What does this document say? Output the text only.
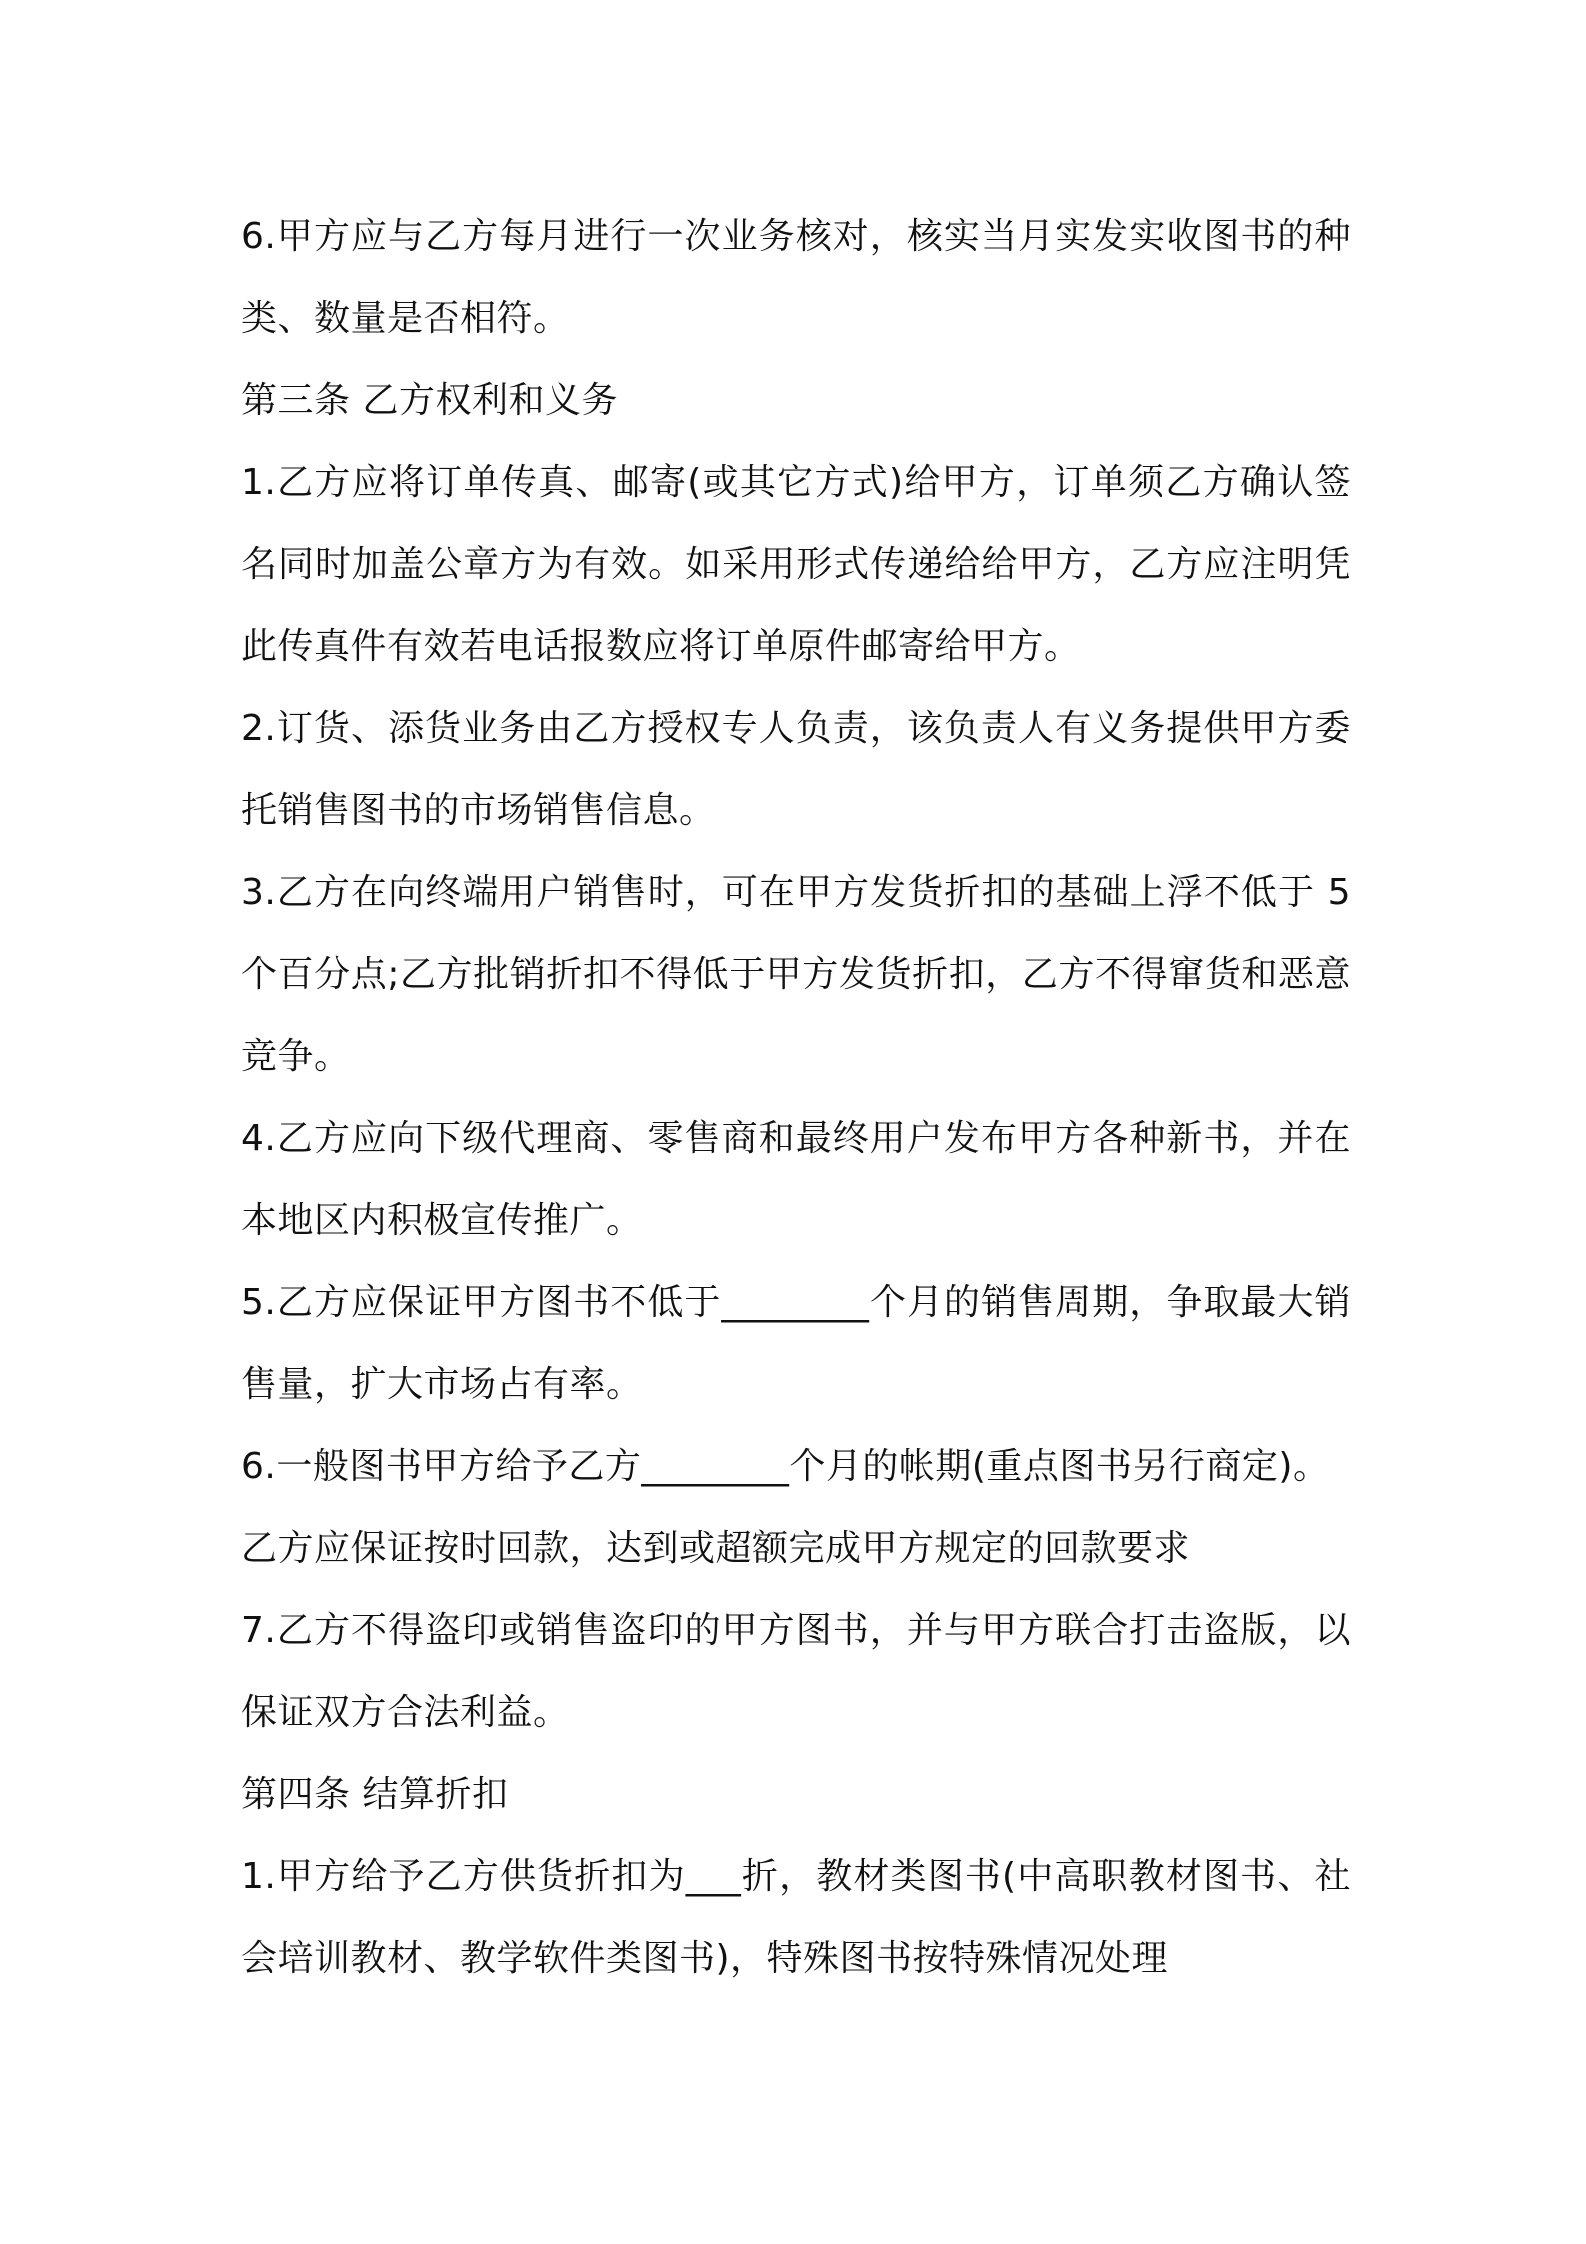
6.甲方应与乙方每月进行一次业务核对，核实当月实发实收图书的种类、数量是否相符。

第三条 乙方权利和义务

1.乙方应将订单传真、邮寄(或其它方式)给甲方，订单须乙方确认签名同时加盖公章方为有效。如采用形式传递给给甲方，乙方应注明凭此传真件有效若电话报数应将订单原件邮寄给甲方。

2.订货、添货业务由乙方授权专人负责，该负责人有义务提供甲方委托销售图书的市场销售信息。

3.乙方在向终端用户销售时，可在甲方发货折扣的基础上浮不低于 5个百分点;乙方批销折扣不得低于甲方发货折扣，乙方不得窜货和恶意竞争。

4.乙方应向下级代理商、零售商和最终用户发布甲方各种新书，并在本地区内积极宣传推广。

5.乙方应保证甲方图书不低于________个月的销售周期，争取最大销售量，扩大市场占有率。

6.一般图书甲方给予乙方________个月的帐期(重点图书另行商定)。

乙方应保证按时回款，达到或超额完成甲方规定的回款要求

7.乙方不得盗印或销售盗印的甲方图书，并与甲方联合打击盗版，以保证双方合法利益。

第四条 结算折扣

1.甲方给予乙方供货折扣为___折，教材类图书(中高职教材图书、社会培训教材、教学软件类图书)，特殊图书按特殊情况处理
